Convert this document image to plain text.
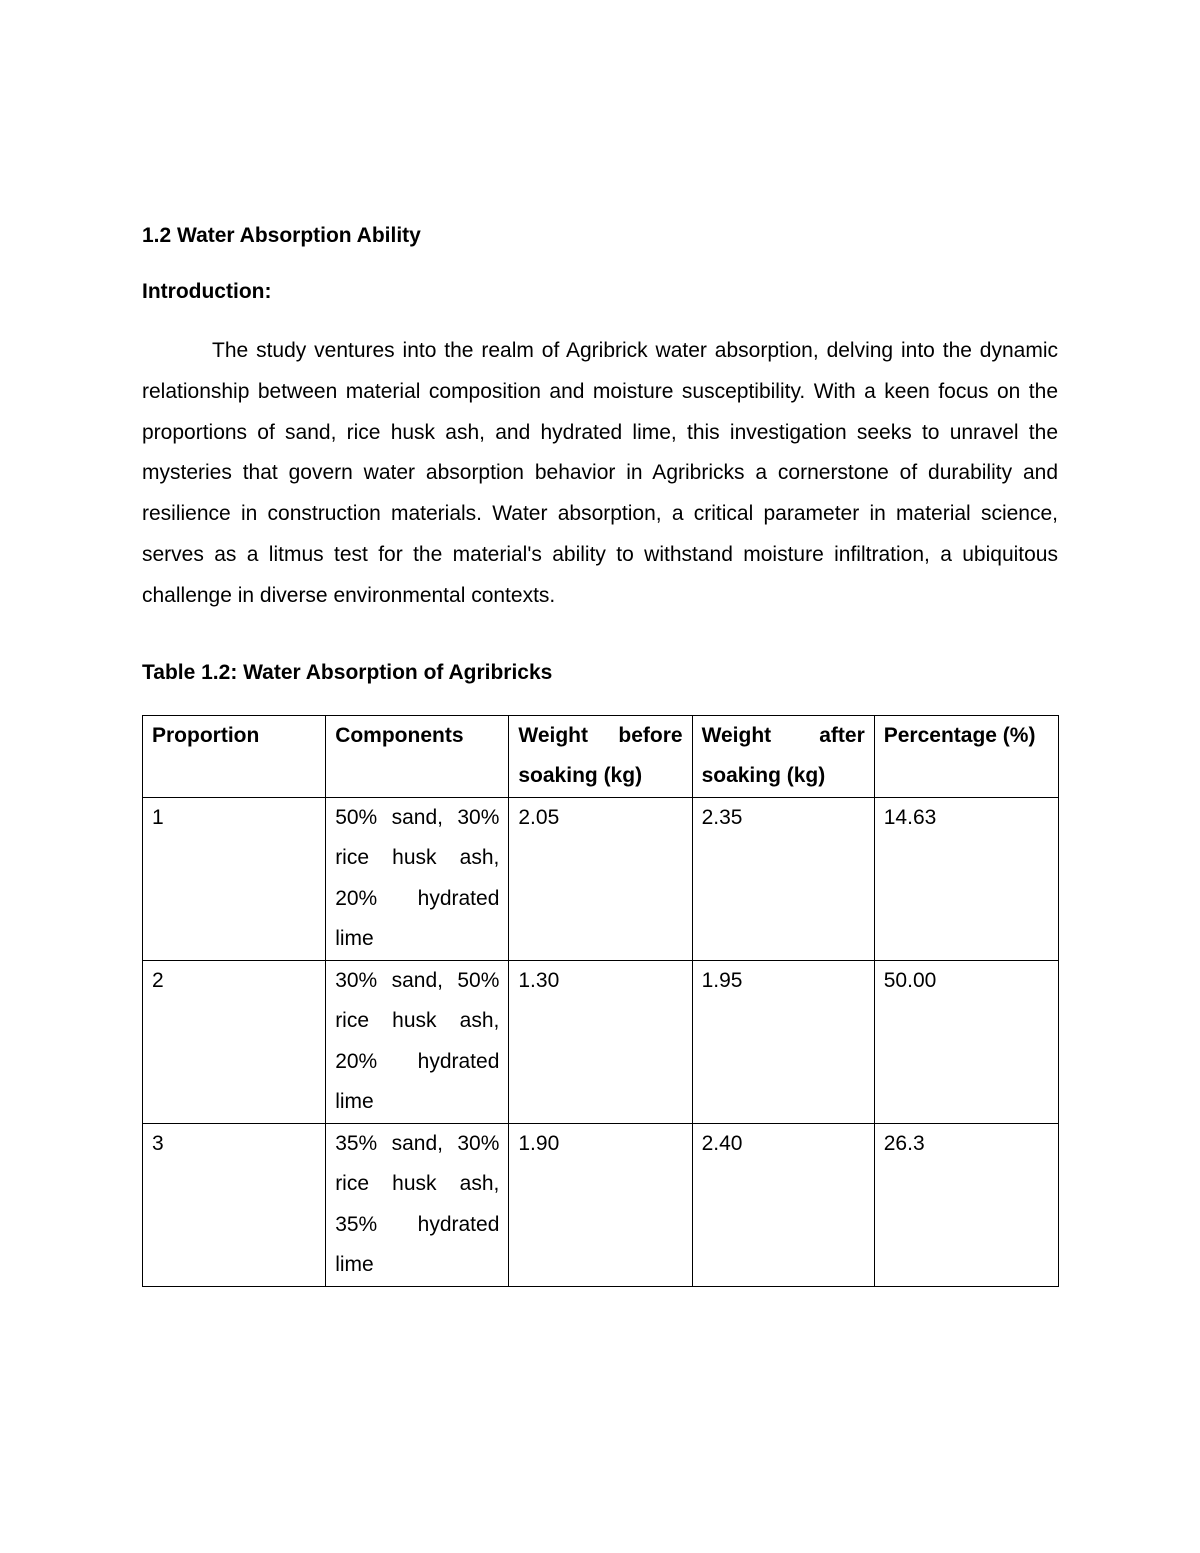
1.2 Water Absorption Ability

Introduction:

The study ventures into the realm of Agribrick water absorption, delving into the dynamic relationship between material composition and moisture susceptibility. With a keen focus on the proportions of sand, rice husk ash, and hydrated lime, this investigation seeks to unravel the mysteries that govern water absorption behavior in Agribricks a cornerstone of durability and resilience in construction materials. Water absorption, a critical parameter in material science, serves as a litmus test for the material's ability to withstand moisture infiltration, a ubiquitous challenge in diverse environmental contexts.

Table 1.2: Water Absorption of Agribricks

Proportion	Components	Weight before soaking (kg)	Weight after soaking (kg)	Percentage (%)
1	50% sand, 30% rice husk ash, 20% hydrated lime	2.05	2.35	14.63
2	30% sand, 50% rice husk ash, 20% hydrated lime	1.30	1.95	50.00
3	35% sand, 30% rice husk ash, 35% hydrated lime	1.90	2.40	26.3
